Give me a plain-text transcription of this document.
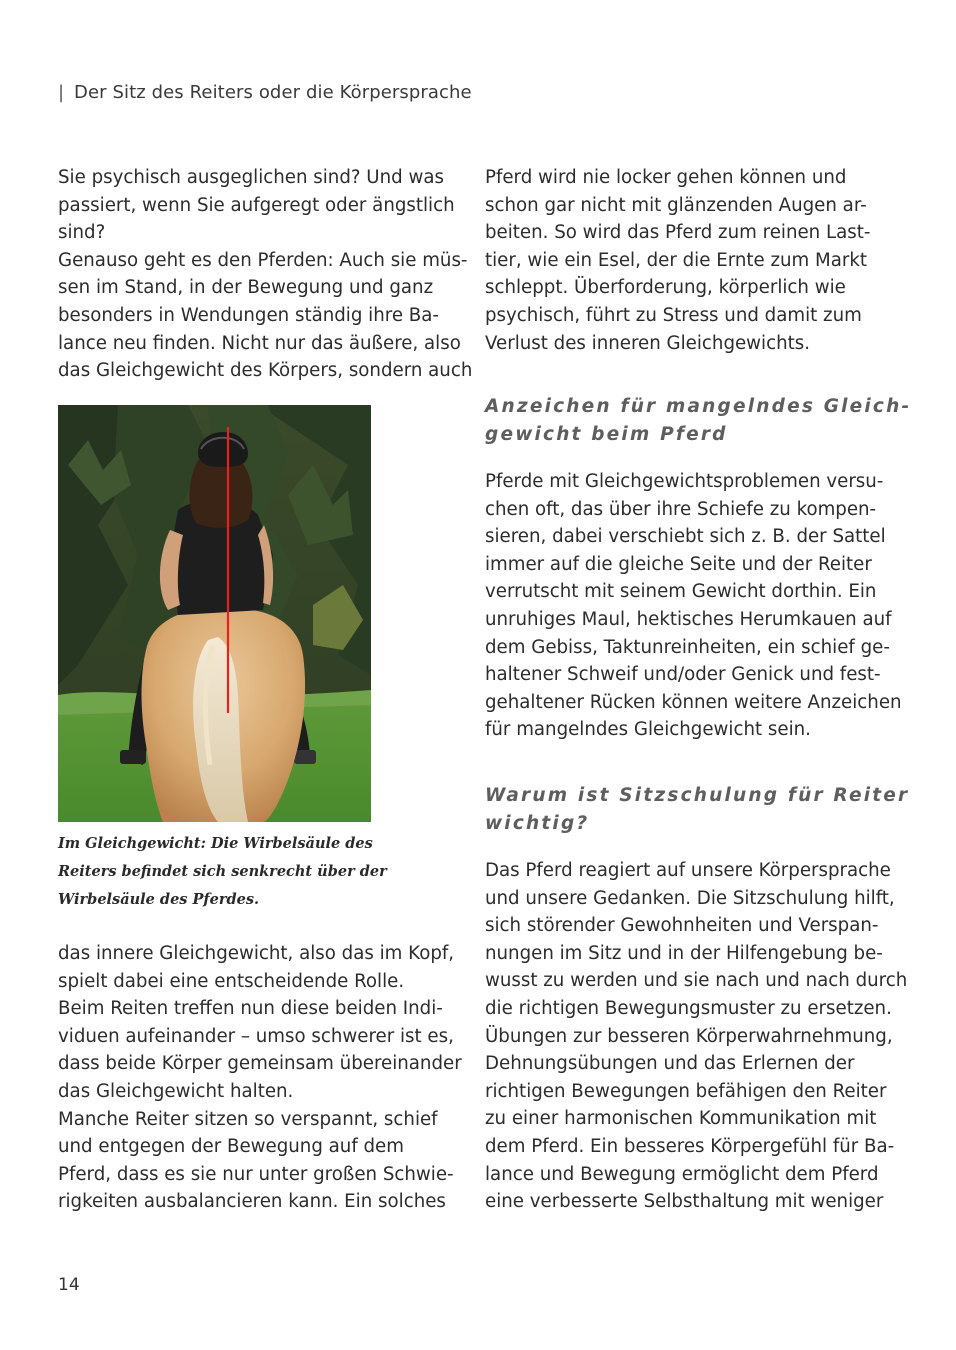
| Der Sitz des Reiters oder die Körpersprache

Sie psychisch ausgeglichen sind? Und was

passiert, wenn Sie aufgeregt oder ängstlich

sind?

Genauso geht es den Pferden: Auch sie müs-

sen im Stand, in der Bewegung und ganz

besonders in Wendungen ständig ihre Ba-

lance neu finden. Nicht nur das äußere, also

das Gleichgewicht des Körpers, sondern auch

Im Gleichgewicht: Die Wirbelsäule des

Reiters befindet sich senkrecht über der

Wirbelsäule des Pferdes.

das innere Gleichgewicht, also das im Kopf,

spielt dabei eine entscheidende Rolle.

Beim Reiten treffen nun diese beiden Indi-

viduen aufeinander – umso schwerer ist es,

dass beide Körper gemeinsam übereinander

das Gleichgewicht halten.

Manche Reiter sitzen so verspannt, schief

und entgegen der Bewegung auf dem

Pferd, dass es sie nur unter großen Schwie-

rigkeiten ausbalancieren kann. Ein solches

Pferd wird nie locker gehen können und

schon gar nicht mit glänzenden Augen ar-

beiten. So wird das Pferd zum reinen Last-

tier, wie ein Esel, der die Ernte zum Markt

schleppt. Überforderung, körperlich wie

psychisch, führt zu Stress und damit zum

Verlust des inneren Gleichgewichts.

Anzeichen für mangelndes Gleich-

gewicht beim Pferd

Pferde mit Gleichgewichtsproblemen versu-

chen oft, das über ihre Schiefe zu kompen-

sieren, dabei verschiebt sich z. B. der Sattel

immer auf die gleiche Seite und der Reiter

verrutscht mit seinem Gewicht dorthin. Ein

unruhiges Maul, hektisches Herumkauen auf

dem Gebiss, Taktunreinheiten, ein schief ge-

haltener Schweif und/oder Genick und fest-

gehaltener Rücken können weitere Anzeichen

für mangelndes Gleichgewicht sein.

Warum ist Sitzschulung für Reiter

wichtig?

Das Pferd reagiert auf unsere Körpersprache

und unsere Gedanken. Die Sitzschulung hilft,

sich störender Gewohnheiten und Verspan-

nungen im Sitz und in der Hilfengebung be-

wusst zu werden und sie nach und nach durch

die richtigen Bewegungsmuster zu ersetzen.

Übungen zur besseren Körperwahrnehmung,

Dehnungsübungen und das Erlernen der

richtigen Bewegungen befähigen den Reiter

zu einer harmonischen Kommunikation mit

dem Pferd. Ein besseres Körpergefühl für Ba-

lance und Bewegung ermöglicht dem Pferd

eine verbesserte Selbsthaltung mit weniger

14
